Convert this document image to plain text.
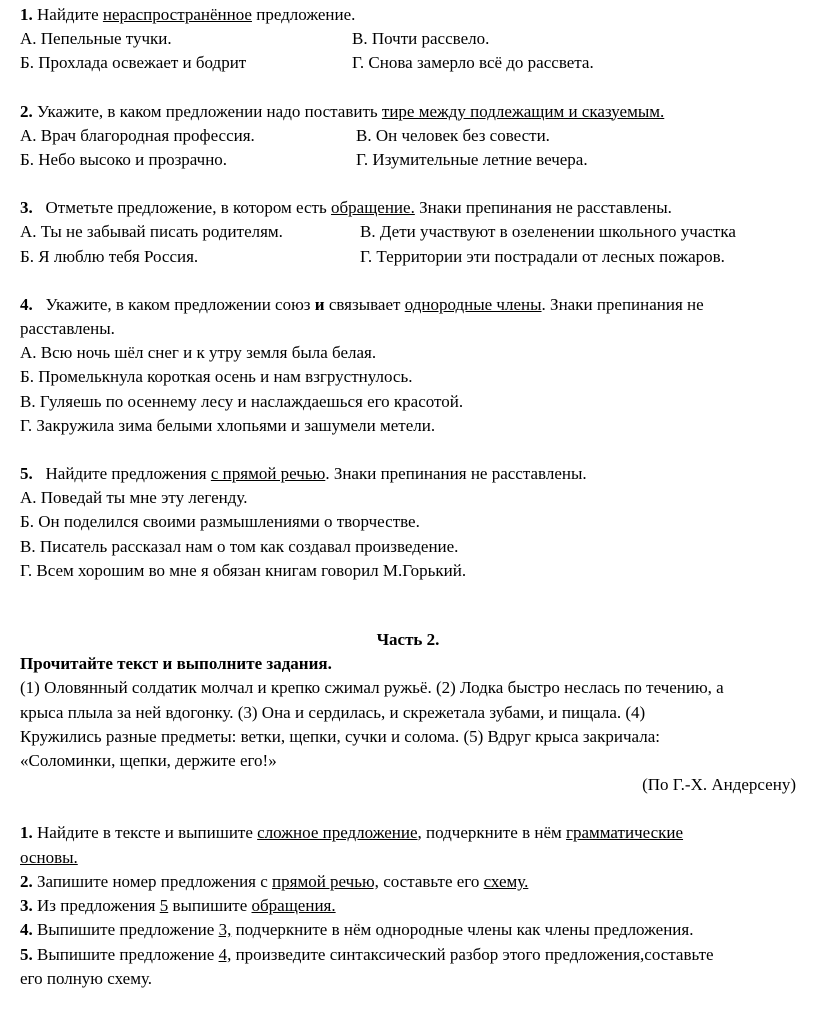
1. Найдите нераспространённое предложение.
А. Пепельные тучки.	В. Почти рассвело.
Б. Прохлада освежает и бодрит	Г. Снова замерло всё до рассвета.
2. Укажите, в каком предложении надо поставить тире между подлежащим и сказуемым.
А. Врач благородная профессия.	В. Он человек без совести.
Б. Небо высоко и прозрачно.	Г. Изумительные летние вечера.
3.   Отметьте предложение, в котором есть обращение. Знаки препинания не расставлены.
А. Ты не забывай писать родителям.	В. Дети участвуют в озеленении школьного участка
Б. Я люблю тебя Россия.	Г. Территории эти пострадали от лесных пожаров.
4.   Укажите, в каком предложении союз и связывает однородные члены. Знаки препинания не
расставлены.
А. Всю ночь шёл снег и к утру земля была белая.
Б. Промелькнула короткая осень и нам взгрустнулось.
В. Гуляешь по осеннему лесу и наслаждаешься его красотой.
Г. Закружила зима белыми хлопьями и зашумели метели.
5.   Найдите предложения с прямой речью. Знаки препинания не расставлены.
А. Поведай ты мне эту легенду.
Б. Он поделился своими размышлениями о творчестве.
В. Писатель рассказал нам о том как создавал произведение.
Г. Всем хорошим во мне я обязан книгам говорил М.Горький.
Часть 2.
Прочитайте текст и выполните задания.
(1) Оловянный солдатик молчал и крепко сжимал ружьё. (2) Лодка быстро неслась по течению, а
крыса плыла за ней вдогонку. (3) Она и сердилась, и скрежетала зубами, и пищала. (4)
Кружились разные предметы: ветки, щепки, сучки и солома. (5) Вдруг крыса закричала:
«Соломинки, щепки, держите его!»
(По Г.-Х. Андерсену)
1. Найдите в тексте и выпишите сложное предложение, подчеркните в нём грамматические
основы.
2. Запишите номер предложения с прямой речью, составьте его схему.
3. Из предложения 5 выпишите обращения.
4. Выпишите предложение 3, подчеркните в нём однородные члены как члены предложения.
5. Выпишите предложение 4, произведите синтаксический разбор этого предложения,составьте
его полную схему.
